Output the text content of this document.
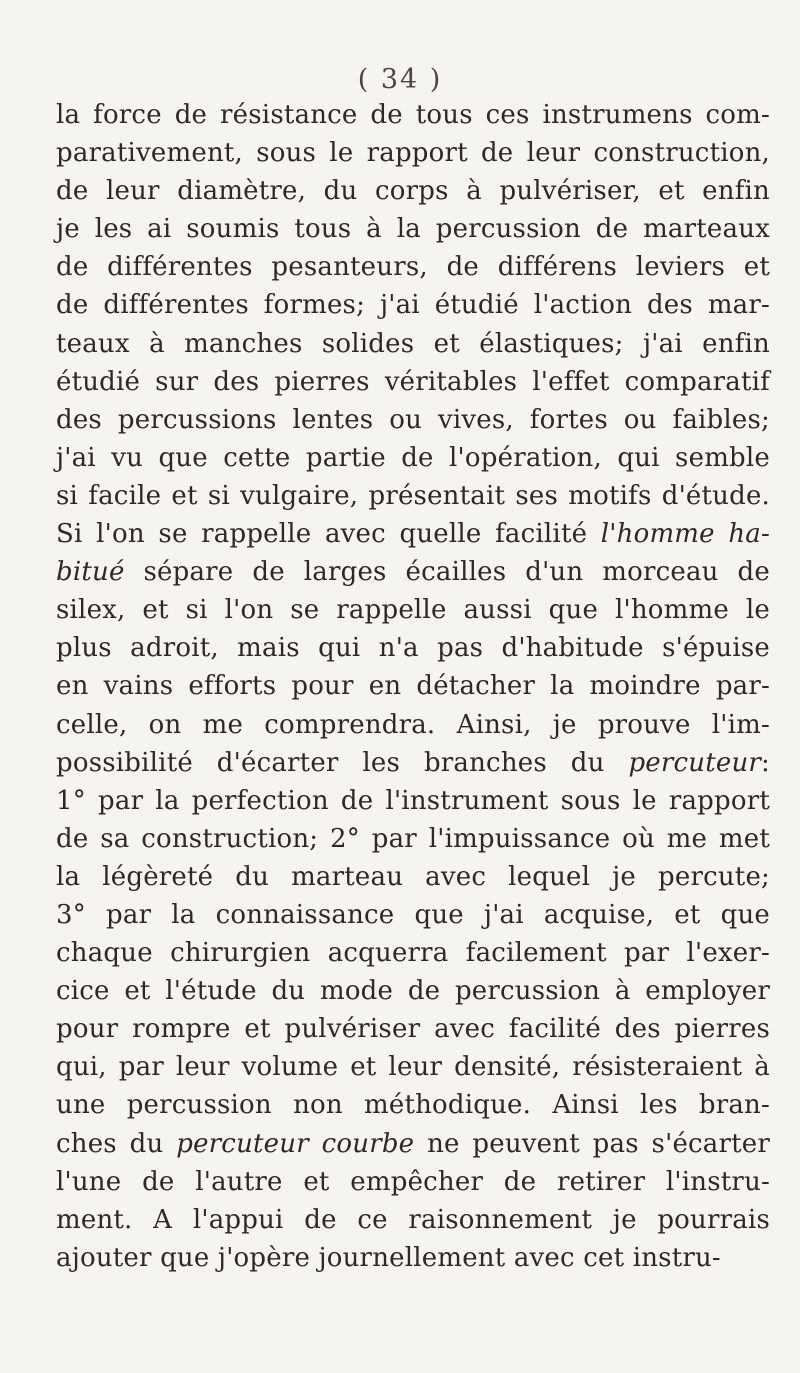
( 34 )
la force de résistance de tous ces instrumens com-
parativement, sous le rapport de leur construction,
de leur diamètre, du corps à pulvériser, et enfin
je les ai soumis tous à la percussion de marteaux
de différentes pesanteurs, de différens leviers et
de différentes formes; j'ai étudié l'action des mar-
teaux à manches solides et élastiques; j'ai enfin
étudié sur des pierres véritables l'effet comparatif
des percussions lentes ou vives, fortes ou faibles;
j'ai vu que cette partie de l'opération, qui semble
si facile et si vulgaire, présentait ses motifs d'étude.
Si l'on se rappelle avec quelle facilité l'homme ha-
bitué sépare de larges écailles d'un morceau de
silex, et si l'on se rappelle aussi que l'homme le
plus adroit, mais qui n'a pas d'habitude s'épuise
en vains efforts pour en détacher la moindre par-
celle, on me comprendra. Ainsi, je prouve l'im-
possibilité d'écarter les branches du percuteur:
1° par la perfection de l'instrument sous le rapport
de sa construction; 2° par l'impuissance où me met
la légèreté du marteau avec lequel je percute;
3° par la connaissance que j'ai acquise, et que
chaque chirurgien acquerra facilement par l'exer-
cice et l'étude du mode de percussion à employer
pour rompre et pulvériser avec facilité des pierres
qui, par leur volume et leur densité, résisteraient à
une percussion non méthodique. Ainsi les bran-
ches du percuteur courbe ne peuvent pas s'écarter
l'une de l'autre et empêcher de retirer l'instru-
ment. A l'appui de ce raisonnement je pourrais
ajouter que j'opère journellement avec cet instru-
